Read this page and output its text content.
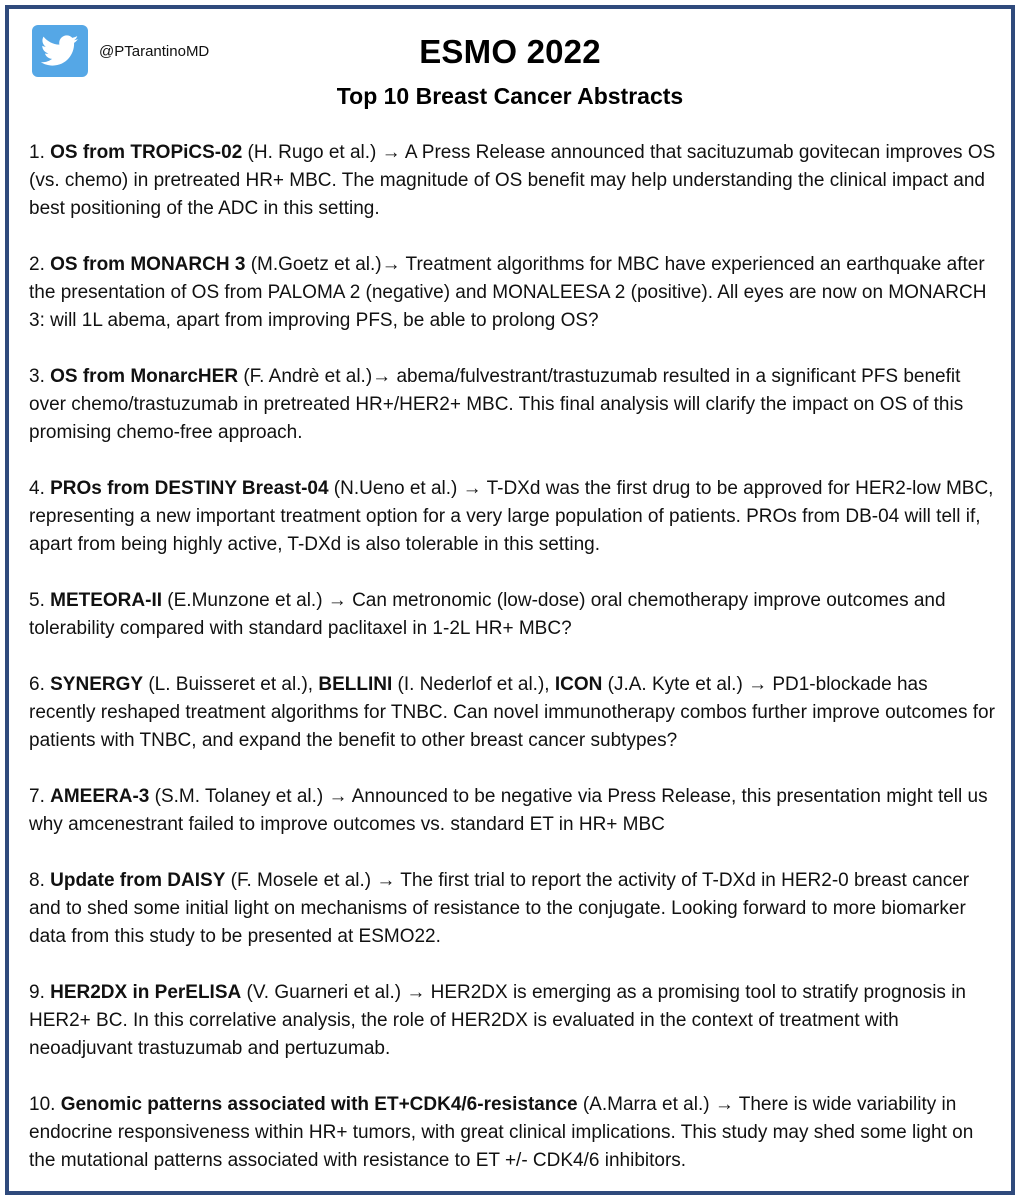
@PTarantinoMD	ESMO 2022
Top 10 Breast Cancer Abstracts

1. OS from TROPiCS-02 (H. Rugo et al.) → A Press Release announced that sacituzumab govitecan improves OS (vs. chemo) in pretreated HR+ MBC. The magnitude of OS benefit may help understanding the clinical impact and best positioning of the ADC in this setting.

2. OS from MONARCH 3 (M.Goetz et al.)→ Treatment algorithms for MBC have experienced an earthquake after the presentation of OS from PALOMA 2 (negative) and MONALEESA 2 (positive). All eyes are now on MONARCH 3: will 1L abema, apart from improving PFS, be able to prolong OS?

3. OS from MonarcHER (F. Andrè et al.)→ abema/fulvestrant/trastuzumab resulted in a significant PFS benefit over chemo/trastuzumab in pretreated HR+/HER2+ MBC. This final analysis will clarify the impact on OS of this promising chemo-free approach.

4. PROs from DESTINY Breast-04 (N.Ueno et al.) → T-DXd was the first drug to be approved for HER2-low MBC, representing a new important treatment option for a very large population of patients. PROs from DB-04 will tell if, apart from being highly active, T-DXd is also tolerable in this setting.

5. METEORA-II (E.Munzone et al.) → Can metronomic (low-dose) oral chemotherapy improve outcomes and tolerability compared with standard paclitaxel in 1-2L HR+ MBC?

6. SYNERGY (L. Buisseret et al.), BELLINI (I. Nederlof et al.), ICON (J.A. Kyte et al.) → PD1-blockade has recently reshaped treatment algorithms for TNBC. Can novel immunotherapy combos further improve outcomes for patients with TNBC, and expand the benefit to other breast cancer subtypes?

7. AMEERA-3 (S.M. Tolaney et al.) → Announced to be negative via Press Release, this presentation might tell us why amcenestrant failed to improve outcomes vs. standard ET in HR+ MBC

8. Update from DAISY (F. Mosele et al.) → The first trial to report the activity of T-DXd in HER2-0 breast cancer and to shed some initial light on mechanisms of resistance to the conjugate. Looking forward to more biomarker data from this study to be presented at ESMO22.

9. HER2DX in PerELISA (V. Guarneri et al.) → HER2DX is emerging as a promising tool to stratify prognosis in HER2+ BC. In this correlative analysis, the role of HER2DX is evaluated in the context of treatment with neoadjuvant trastuzumab and pertuzumab.

10. Genomic patterns associated with ET+CDK4/6-resistance (A.Marra et al.) → There is wide variability in endocrine responsiveness within HR+ tumors, with great clinical implications. This study may shed some light on the mutational patterns associated with resistance to ET +/- CDK4/6 inhibitors.
